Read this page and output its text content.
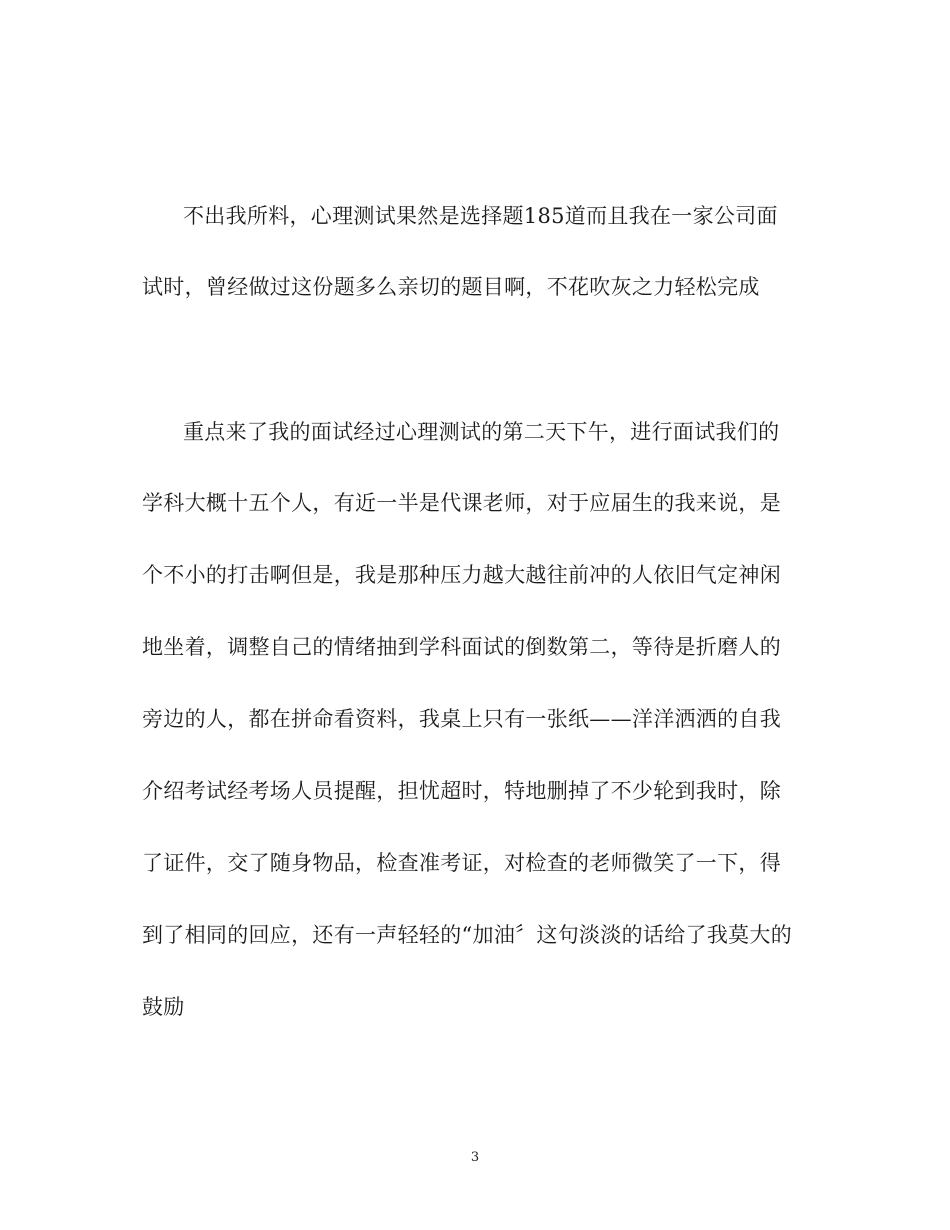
不出我所料，心理测试果然是选择题185道而且我在一家公司面
试时，曾经做过这份题多么亲切的题目啊，不花吹灰之力轻松完成
重点来了我的面试经过心理测试的第二天下午，进行面试我们的
学科大概十五个人，有近一半是代课老师，对于应届生的我来说，是
个不小的打击啊但是，我是那种压力越大越往前冲的人依旧气定神闲
地坐着，调整自己的情绪抽到学科面试的倒数第二，等待是折磨人的
旁边的人，都在拼命看资料，我桌上只有一张纸——洋洋洒洒的自我
介绍考试经考场人员提醒，担忧超时，特地删掉了不少轮到我时，除
了证件，交了随身物品，检查准考证，对检查的老师微笑了一下，得
到了相同的回应，还有一声轻轻的“加油〞这句淡淡的话给了我莫大的
鼓励
3
